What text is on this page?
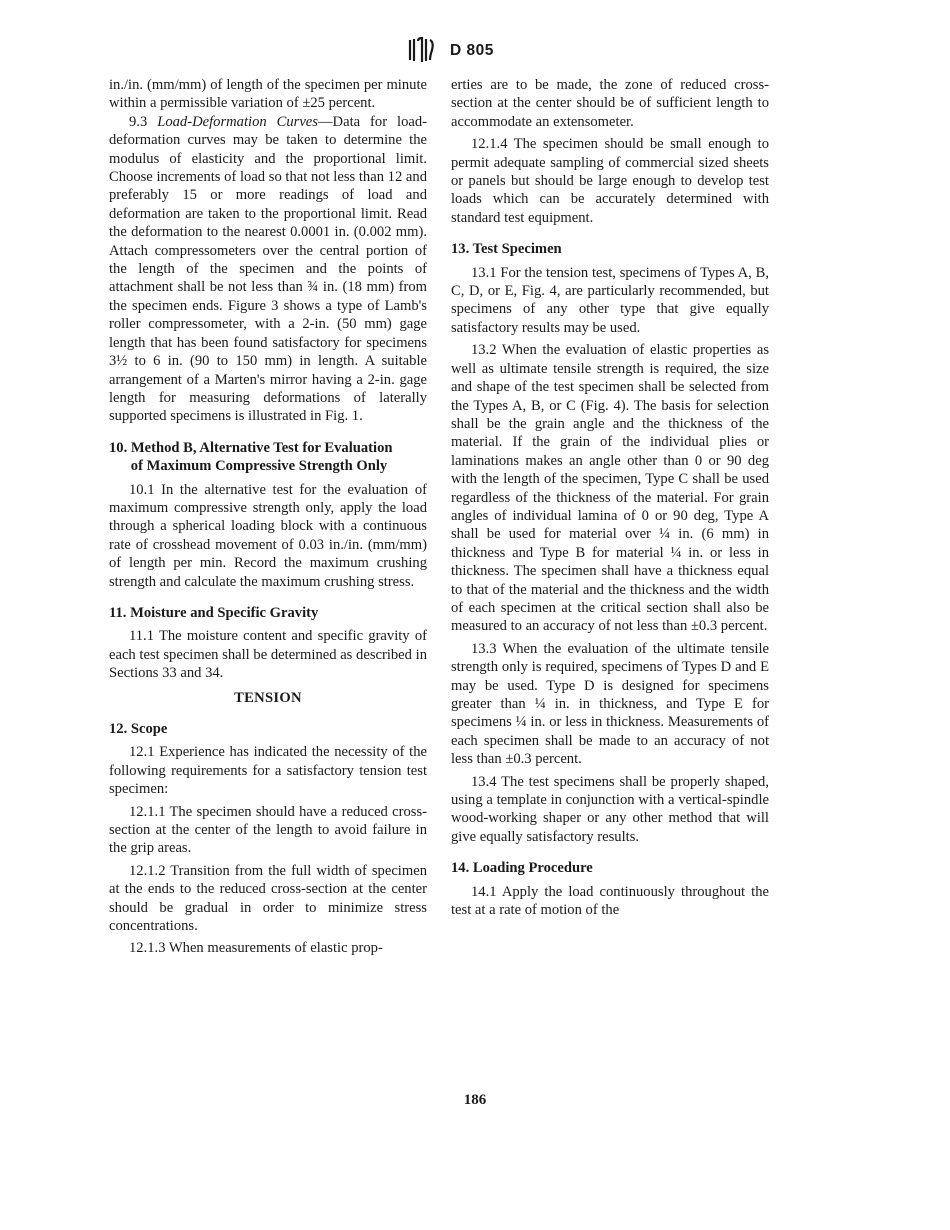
D 805

in./in. (mm/mm) of length of the specimen per minute within a permissible variation of ±25 percent.

9.3 Load-Deformation Curves—Data for load-deformation curves may be taken to determine the modulus of elasticity and the proportional limit. Choose increments of load so that not less than 12 and preferably 15 or more readings of load and deformation are taken to the proportional limit. Read the deformation to the nearest 0.0001 in. (0.002 mm). Attach compressometers over the central portion of the length of the specimen and the points of attachment shall be not less than ¾ in. (18 mm) from the specimen ends. Figure 3 shows a type of Lamb's roller compressometer, with a 2-in. (50 mm) gage length that has been found satisfactory for specimens 3½ to 6 in. (90 to 150 mm) in length. A suitable arrangement of a Marten's mirror having a 2-in. gage length for measuring deformations of laterally supported specimens is illustrated in Fig. 1.

10. Method B, Alternative Test for Evaluation
of Maximum Compressive Strength Only

10.1 In the alternative test for the evaluation of maximum compressive strength only, apply the load through a spherical loading block with a continuous rate of crosshead movement of 0.03 in./in. (mm/mm) of length per min. Record the maximum crushing strength and calculate the maximum crushing stress.

11. Moisture and Specific Gravity

11.1 The moisture content and specific gravity of each test specimen shall be determined as described in Sections 33 and 34.

TENSION
12. Scope

12.1 Experience has indicated the necessity of the following requirements for a satisfactory tension test specimen:

12.1.1 The specimen should have a reduced cross-section at the center of the length to avoid failure in the grip areas.

12.1.2 Transition from the full width of specimen at the ends to the reduced cross-section at the center should be gradual in order to minimize stress concentrations.

12.1.3 When measurements of elastic prop-

erties are to be made, the zone of reduced cross-section at the center should be of sufficient length to accommodate an extensometer.

12.1.4 The specimen should be small enough to permit adequate sampling of commercial sized sheets or panels but should be large enough to develop test loads which can be accurately determined with standard test equipment.

13. Test Specimen

13.1 For the tension test, specimens of Types A, B, C, D, or E, Fig. 4, are particularly recommended, but specimens of any other type that give equally satisfactory results may be used.

13.2 When the evaluation of elastic properties as well as ultimate tensile strength is required, the size and shape of the test specimen shall be selected from the Types A, B, or C (Fig. 4). The basis for selection shall be the grain angle and the thickness of the material. If the grain of the individual plies or laminations makes an angle other than 0 or 90 deg with the length of the specimen, Type C shall be used regardless of the thickness of the material. For grain angles of individual lamina of 0 or 90 deg, Type A shall be used for material over ¼ in. (6 mm) in thickness and Type B for material ¼ in. or less in thickness. The specimen shall have a thickness equal to that of the material and the thickness and the width of each specimen at the critical section shall also be measured to an accuracy of not less than ±0.3 percent.

13.3 When the evaluation of the ultimate tensile strength only is required, specimens of Types D and E may be used. Type D is designed for specimens greater than ¼ in. in thickness, and Type E for specimens ¼ in. or less in thickness. Measurements of each specimen shall be made to an accuracy of not less than ±0.3 percent.

13.4 The test specimens shall be properly shaped, using a template in conjunction with a vertical-spindle wood-working shaper or any other method that will give equally satisfactory results.

14. Loading Procedure

14.1 Apply the load continuously throughout the test at a rate of motion of the

186
